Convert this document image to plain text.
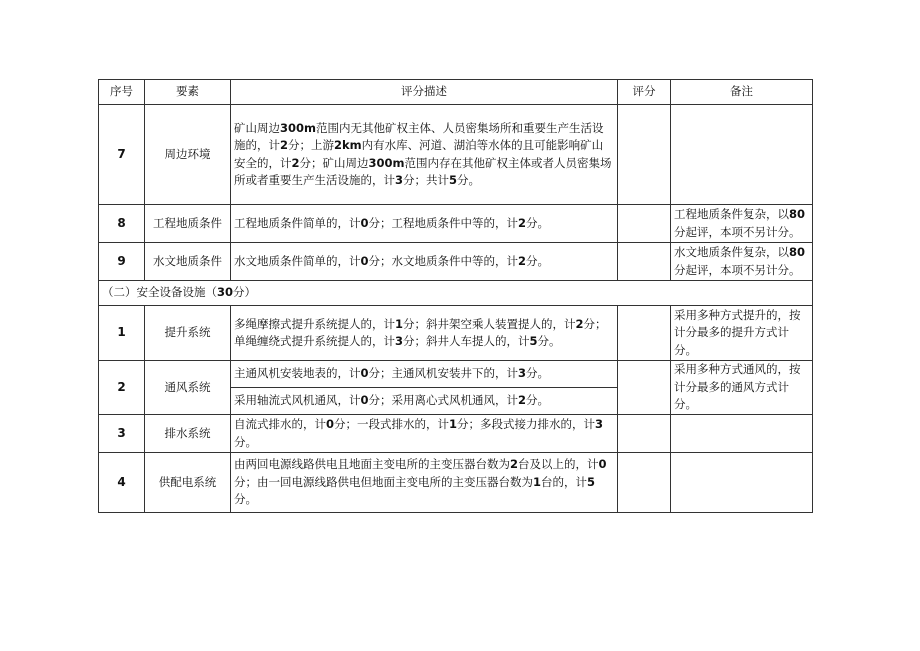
序号	要素	评分描述	评分	备注
7	周边环境	矿山周边300m范围内无其他矿权主体、人员密集场所和重要生产生活设施的，计2分；上游2km内有水库、河道、湖泊等水体的且可能影响矿山安全的，计2分；矿山周边300m范围内存在其他矿权主体或者人员密集场所或者重要生产生活设施的，计3分；共计5分。		
8	工程地质条件	工程地质条件简单的，计0分；工程地质条件中等的，计2分。		工程地质条件复杂，以80分起评，本项不另计分。
9	水文地质条件	水文地质条件简单的，计0分；水文地质条件中等的，计2分。		水文地质条件复杂，以80分起评，本项不另计分。
（二）安全设备设施（30分）				
1	提升系统	多绳摩擦式提升系统提人的，计1分；斜井架空乘人装置提人的，计2分；单绳缠绕式提升系统提人的，计3分；斜井人车提人的，计5分。		采用多种方式提升的，按计分最多的提升方式计分。
2	通风系统	主通风机安装地表的，计0分；主通风机安装井下的，计3分。		采用多种方式通风的，按计分最多的通风方式计分。
		采用轴流式风机通风，计0分；采用离心式风机通风，计2分。		
3	排水系统	自流式排水的，计0分；一段式排水的，计1分；多段式接力排水的，计3分。		
4	供配电系统	由两回电源线路供电且地面主变电所的主变压器台数为2台及以上的，计0分；由一回电源线路供电但地面主变电所的主变压器台数为1台的，计5分。		
